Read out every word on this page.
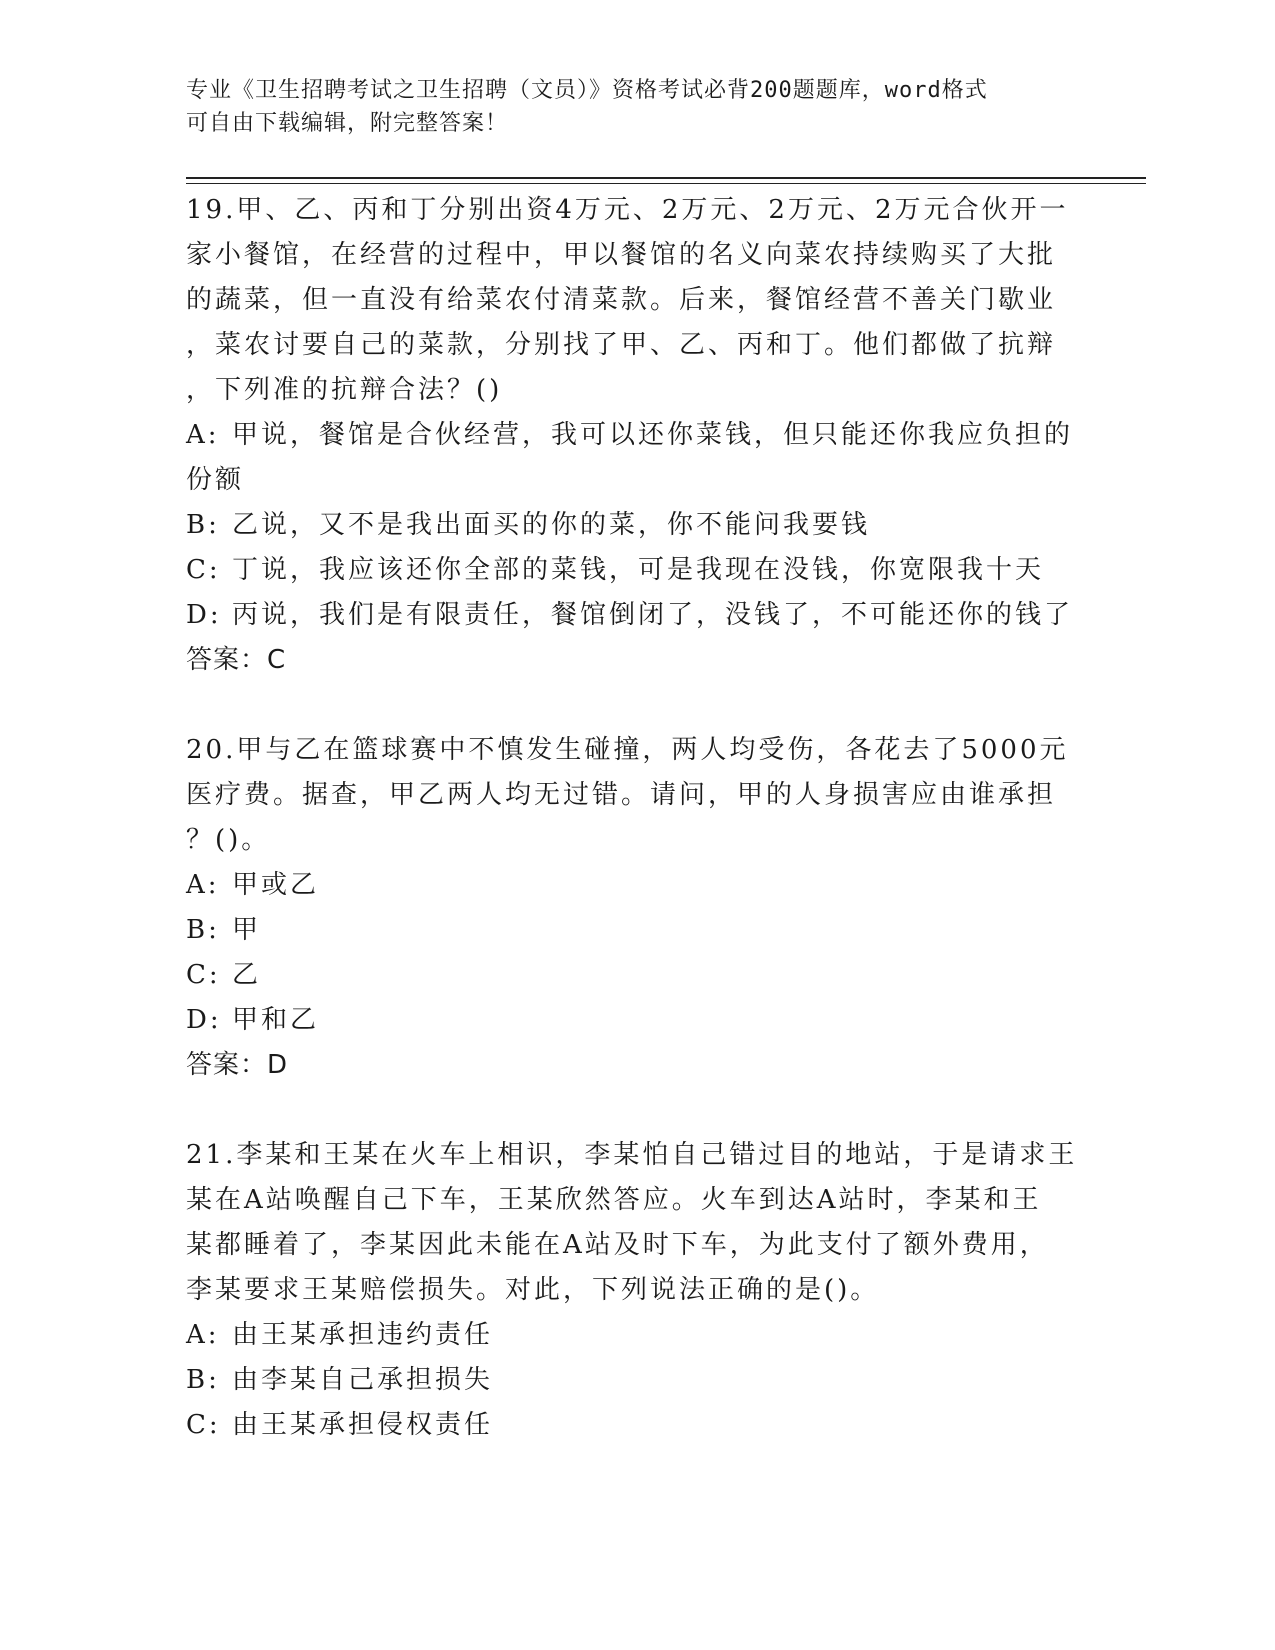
专业《卫生招聘考试之卫生招聘（文员）》资格考试必背200题题库，word格式
可自由下载编辑，附完整答案！

19.甲、乙、丙和丁分别出资4万元、2万元、2万元、2万元合伙开一
家小餐馆，在经营的过程中，甲以餐馆的名义向菜农持续购买了大批
的蔬菜，但一直没有给菜农付清菜款。后来，餐馆经营不善关门歇业
，菜农讨要自己的菜款，分别找了甲、乙、丙和丁。他们都做了抗辩
，下列准的抗辩合法？()

A: 甲说，餐馆是合伙经营，我可以还你菜钱，但只能还你我应负担的

份额

B: 乙说，又不是我出面买的你的菜，你不能问我要钱

C: 丁说，我应该还你全部的菜钱，可是我现在没钱，你宽限我十天

D: 丙说，我们是有限责任，餐馆倒闭了，没钱了，不可能还你的钱了

答案：C

20.甲与乙在篮球赛中不慎发生碰撞，两人均受伤，各花去了5000元
医疗费。据查，甲乙两人均无过错。请问，甲的人身损害应由谁承担
？()。

A: 甲或乙

B: 甲

C: 乙

D: 甲和乙

答案：D

21.李某和王某在火车上相识，李某怕自己错过目的地站，于是请求王
某在A站唤醒自己下车，王某欣然答应。火车到达A站时，李某和王
某都睡着了，李某因此未能在A站及时下车，为此支付了额外费用，
李某要求王某赔偿损失。对此，下列说法正确的是()。

A: 由王某承担违约责任

B: 由李某自己承担损失

C: 由王某承担侵权责任
